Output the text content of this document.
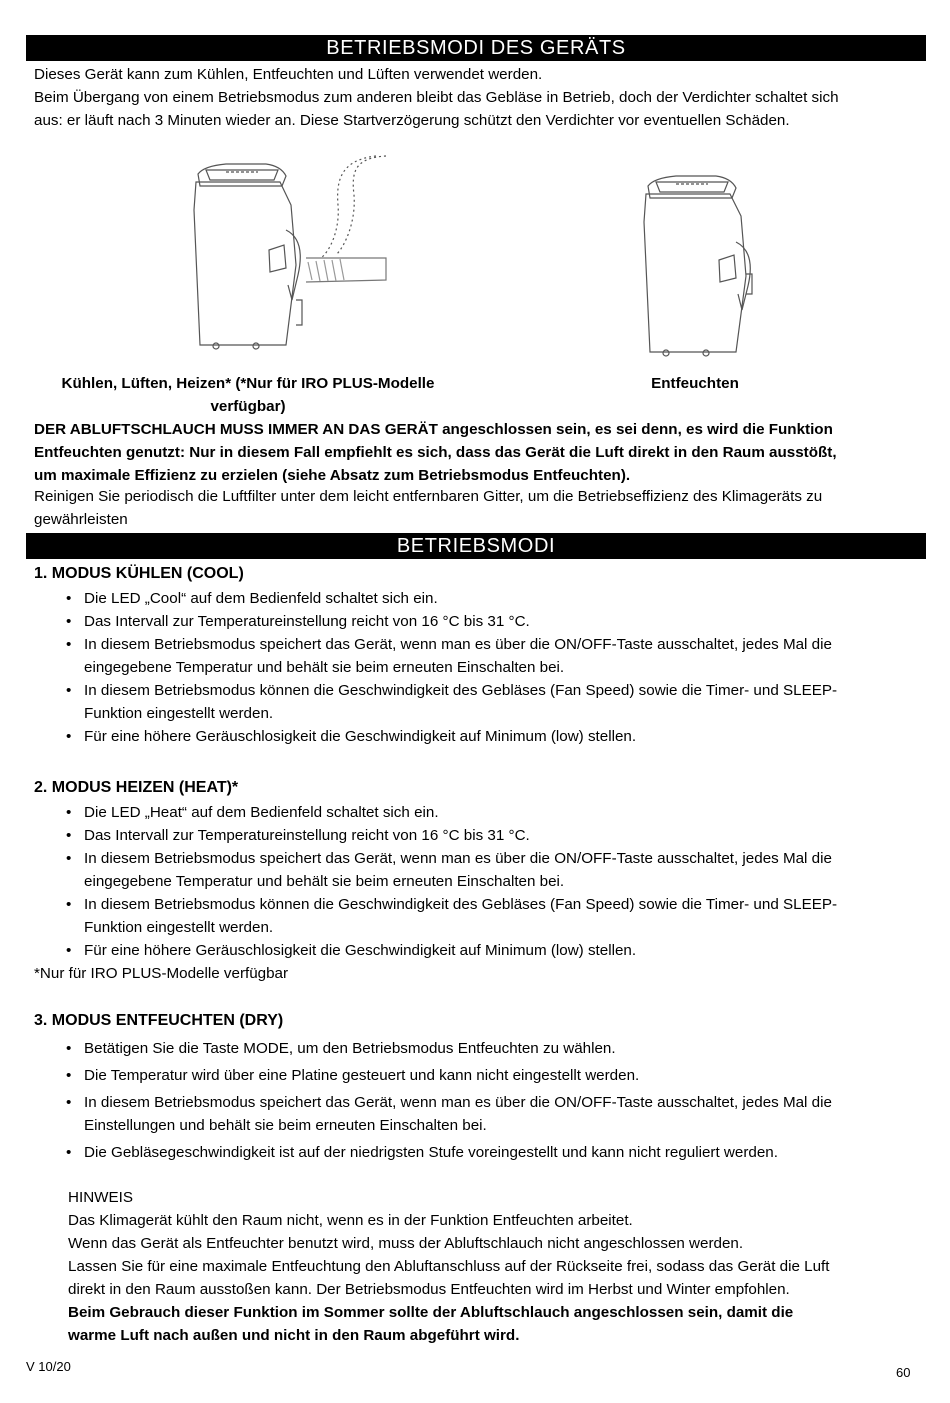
BETRIEBSMODI DES GERÄTS

Dieses Gerät kann zum Kühlen, Entfeuchten und Lüften verwendet werden.
Beim Übergang von einem Betriebsmodus zum anderen bleibt das Gebläse in Betrieb, doch der Verdichter schaltet sich
aus: er läuft nach 3 Minuten wieder an. Diese Startverzögerung schützt den Verdichter vor eventuellen Schäden.

Kühlen, Lüften, Heizen* (*Nur für IRO PLUS-Modelle
verfügbar)
Entfeuchten

DER ABLUFTSCHLAUCH MUSS IMMER AN DAS GERÄT angeschlossen sein, es sei denn, es wird die Funktion
Entfeuchten genutzt: Nur in diesem Fall empfiehlt es sich, dass das Gerät die Luft direkt in den Raum ausstößt,
um maximale Effizienz zu erzielen (siehe Absatz zum Betriebsmodus Entfeuchten).

Reinigen Sie periodisch die Luftfilter unter dem leicht entfernbaren Gitter, um die Betriebseffizienz des Klimageräts zu
gewährleisten

BETRIEBSMODI
1. MODUS KÜHLEN (COOL)
• Die LED „Cool“ auf dem Bedienfeld schaltet sich ein.
• Das Intervall zur Temperatureinstellung reicht von 16 °C bis 31 °C.
• In diesem Betriebsmodus speichert das Gerät, wenn man es über die ON/OFF-Taste ausschaltet, jedes Mal die
eingegebene Temperatur und behält sie beim erneuten Einschalten bei.
• In diesem Betriebsmodus können die Geschwindigkeit des Gebläses (Fan Speed) sowie die Timer- und SLEEP-
Funktion eingestellt werden.
• Für eine höhere Geräuschlosigkeit die Geschwindigkeit auf Minimum (low) stellen.
2. MODUS HEIZEN (HEAT)*
• Die LED „Heat“ auf dem Bedienfeld schaltet sich ein.
• Das Intervall zur Temperatureinstellung reicht von 16 °C bis 31 °C.
• In diesem Betriebsmodus speichert das Gerät, wenn man es über die ON/OFF-Taste ausschaltet, jedes Mal die
eingegebene Temperatur und behält sie beim erneuten Einschalten bei.
• In diesem Betriebsmodus können die Geschwindigkeit des Gebläses (Fan Speed) sowie die Timer- und SLEEP-
Funktion eingestellt werden.
• Für eine höhere Geräuschlosigkeit die Geschwindigkeit auf Minimum (low) stellen.
*Nur für IRO PLUS-Modelle verfügbar
3. MODUS ENTFEUCHTEN (DRY)
• Betätigen Sie die Taste MODE, um den Betriebsmodus Entfeuchten zu wählen.
• Die Temperatur wird über eine Platine gesteuert und kann nicht eingestellt werden.
• In diesem Betriebsmodus speichert das Gerät, wenn man es über die ON/OFF-Taste ausschaltet, jedes Mal die
Einstellungen und behält sie beim erneuten Einschalten bei.
• Die Gebläsegeschwindigkeit ist auf der niedrigsten Stufe voreingestellt und kann nicht reguliert werden.
HINWEIS
Das Klimagerät kühlt den Raum nicht, wenn es in der Funktion Entfeuchten arbeitet.
Wenn das Gerät als Entfeuchter benutzt wird, muss der Abluftschlauch nicht angeschlossen werden.
Lassen Sie für eine maximale Entfeuchtung den Abluftanschluss auf der Rückseite frei, sodass das Gerät die Luft
direkt in den Raum ausstoßen kann. Der Betriebsmodus Entfeuchten wird im Herbst und Winter empfohlen.
Beim Gebrauch dieser Funktion im Sommer sollte der Abluftschlauch angeschlossen sein, damit die
warme Luft nach außen und nicht in den Raum abgeführt wird.
V 10/20	60
